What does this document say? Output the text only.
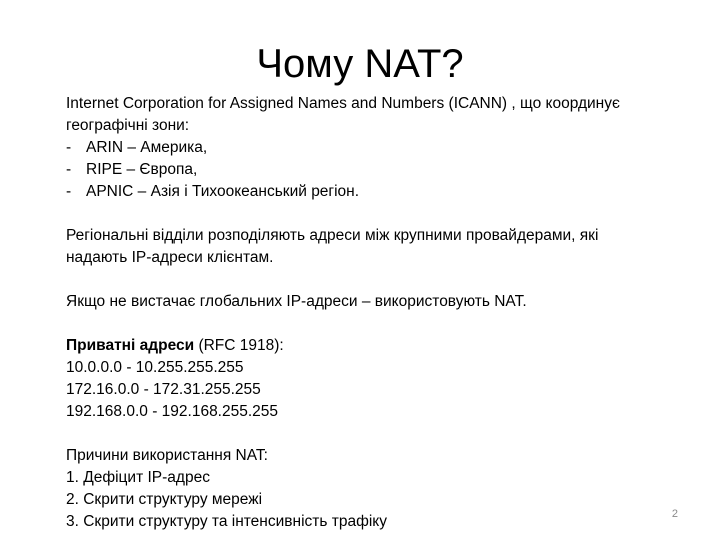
Чому NAT?
Internet Corporation for Assigned Names and Numbers (ICANN) , що координує
географічні зони:
- ARIN – Америка,
- RIPE – Європа,
- APNIC – Азія і Тихоокеанський регіон.
Регіональні відділи розподіляють адреси між крупними провайдерами, які
надають IP-адреси клієнтам.
Якщо не вистачає глобальних IP-адреси – використовують NAT.
Приватні адреси (RFC 1918):
10.0.0.0 - 10.255.255.255
172.16.0.0 - 172.31.255.255
192.168.0.0 - 192.168.255.255
Причини використання NAT:
1. Дефіцит IP-адрес
2. Скрити структуру мережі
3. Скрити структуру та інтенсивність трафіку	2
